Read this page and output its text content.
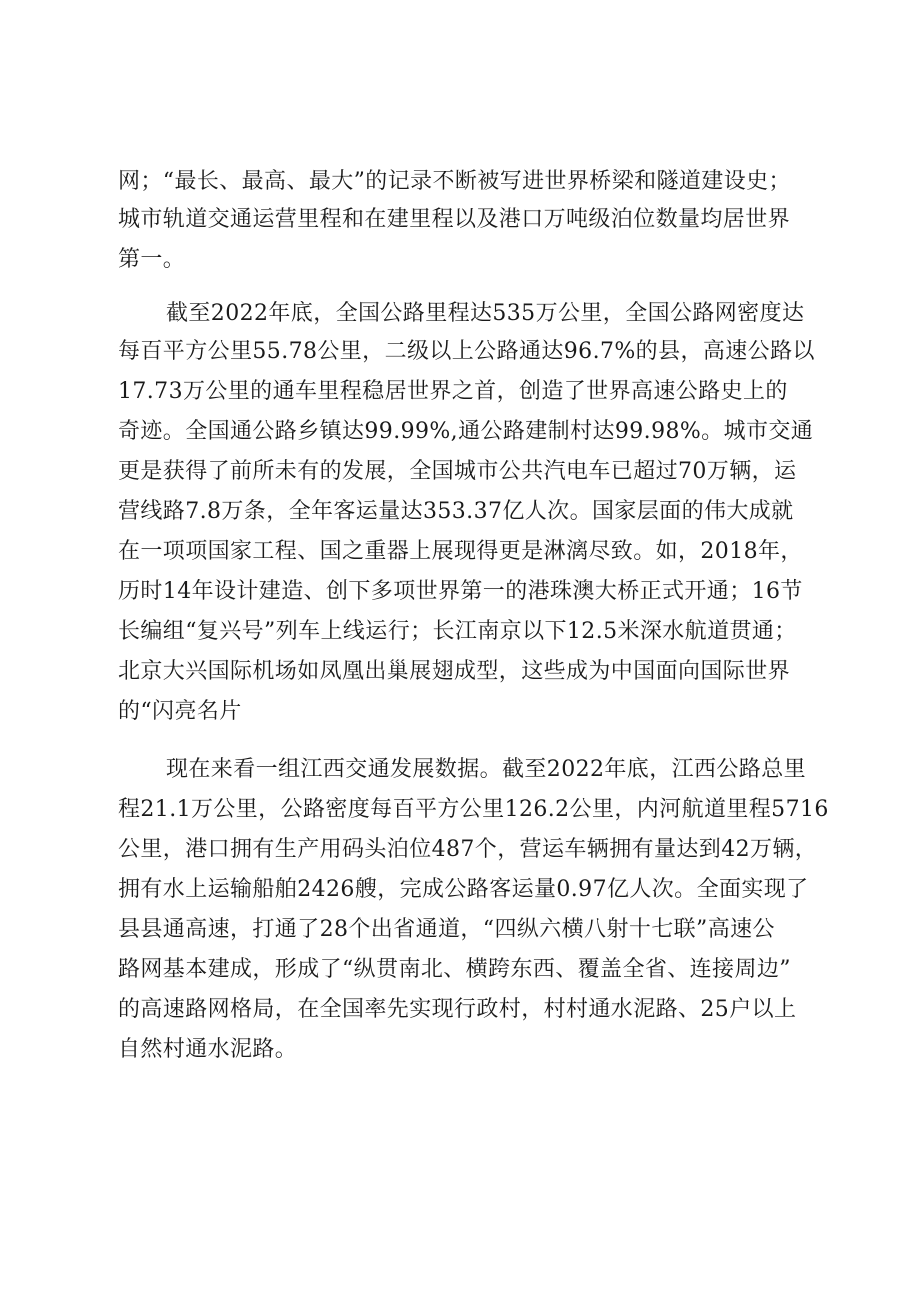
网；“最长、最高、最大”的记录不断被写进世界桥梁和隧道建设史；
城市轨道交通运营里程和在建里程以及港口万吨级泊位数量均居世界
第一。
截至2022年底，全国公路里程达535万公里，全国公路网密度达
每百平方公里55.78公里，二级以上公路通达96.7%的县，高速公路以
17.73万公里的通车里程稳居世界之首，创造了世界高速公路史上的
奇迹。全国通公路乡镇达99.99%,通公路建制村达99.98%。城市交通
更是获得了前所未有的发展，全国城市公共汽电车已超过70万辆，运
营线路7.8万条，全年客运量达353.37亿人次。国家层面的伟大成就
在一项项国家工程、国之重器上展现得更是淋漓尽致。如，2018年，
历时14年设计建造、创下多项世界第一的港珠澳大桥正式开通；16节
长编组“复兴号”列车上线运行；长江南京以下12.5米深水航道贯通；
北京大兴国际机场如凤凰出巢展翅成型，这些成为中国面向国际世界
的“闪亮名片
现在来看一组江西交通发展数据。截至2022年底，江西公路总里
程21.1万公里，公路密度每百平方公里126.2公里，内河航道里程5716
公里，港口拥有生产用码头泊位487个，营运车辆拥有量达到42万辆，
拥有水上运输船舶2426艘，完成公路客运量0.97亿人次。全面实现了
县县通高速，打通了28个出省通道，“四纵六横八射十七联”高速公
路网基本建成，形成了“纵贯南北、横跨东西、覆盖全省、连接周边”
的高速路网格局，在全国率先实现行政村，村村通水泥路、25户以上
自然村通水泥路。
